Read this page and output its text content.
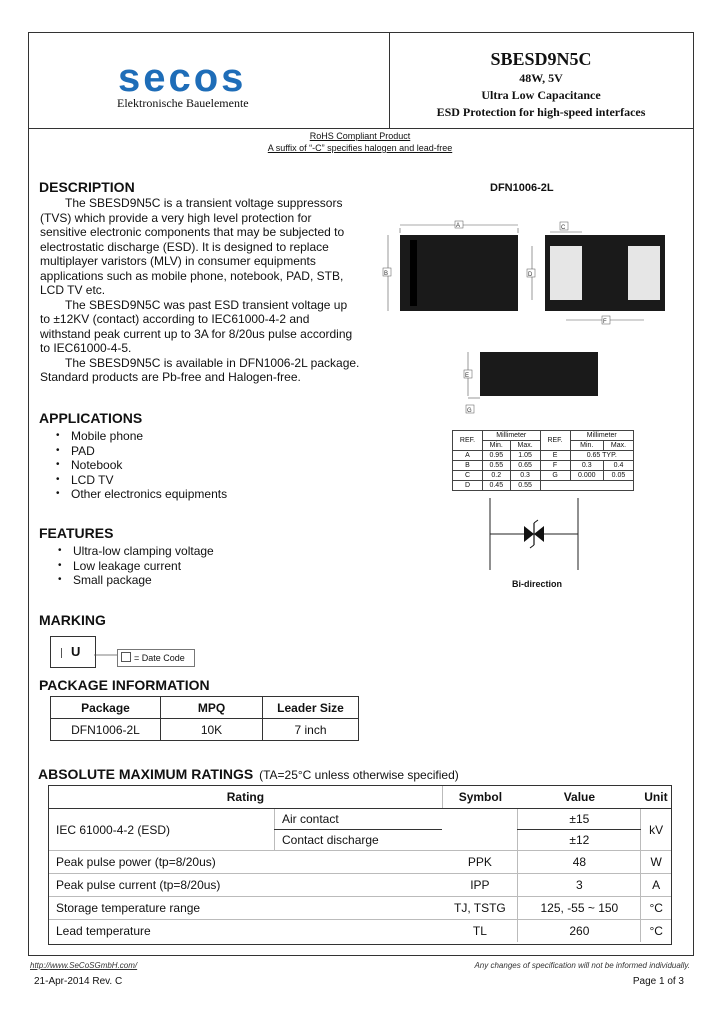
secos
Elektronische Bauelemente
SBESD9N5C
48W, 5V
Ultra Low Capacitance
ESD Protection for high-speed interfaces
RoHS Compliant Product
A suffix of “-C” specifies halogen and lead-free
DESCRIPTION

The SBESD9N5C is a transient voltage suppressors (TVS) which provide a very high level protection for sensitive electronic components that may be subjected to electrostatic discharge (ESD). It is designed to replace multiplayer varistors (MLV) in consumer equipments applications such as mobile phone, notebook, PAD, STB, LCD TV etc.

The SBESD9N5C was past ESD transient voltage up to ±12KV (contact) according to IEC61000-4-2 and withstand peak current up to 3A for 8/20us pulse according to IEC61000-4-5.

The SBESD9N5C is available in DFN1006-2L package. Standard products are Pb-free and Halogen-free.

APPLICATIONS
• Mobile phone
• PAD
• Notebook
• LCD TV
• Other electronics equipments
FEATURES
• Ultra-low clamping voltage
• Low leakage current
• Small package
MARKING
U	= Date Code
PACKAGE INFORMATION
Package	MPQ	Leader Size
DFN1006-2L	10K	7 inch
DFN1006-2L
A
B
C
D
F
E
G
REF.	Millimeter		REF.	Millimeter	
	Min.	Max.		Min.	Max.
A	0.95	1.05	E	0.65 TYP.	
B	0.55	0.65	F	0.3	0.4
C	0.2	0.3	G	0.000	0.05
D	0.45	0.55			
Bi-direction
ABSOLUTE MAXIMUM RATINGS (TA=25°C unless otherwise specified)
Rating		Symbol	Value	Unit
IEC 61000-4-2 (ESD)	Air contact		±15	kV
	Contact discharge		±12	
Peak pulse power (tp=8/20us)		PPK	48	W
Peak pulse current (tp=8/20us)		IPP	3	A
Storage temperature range		TJ, TSTG	125, -55 ~ 150	°C
Lead temperature		TL	260	°C
http://www.SeCoSGmbH.com/	Any changes of specification will not be informed individually.
21-Apr-2014 Rev. C	Page 1 of 3
